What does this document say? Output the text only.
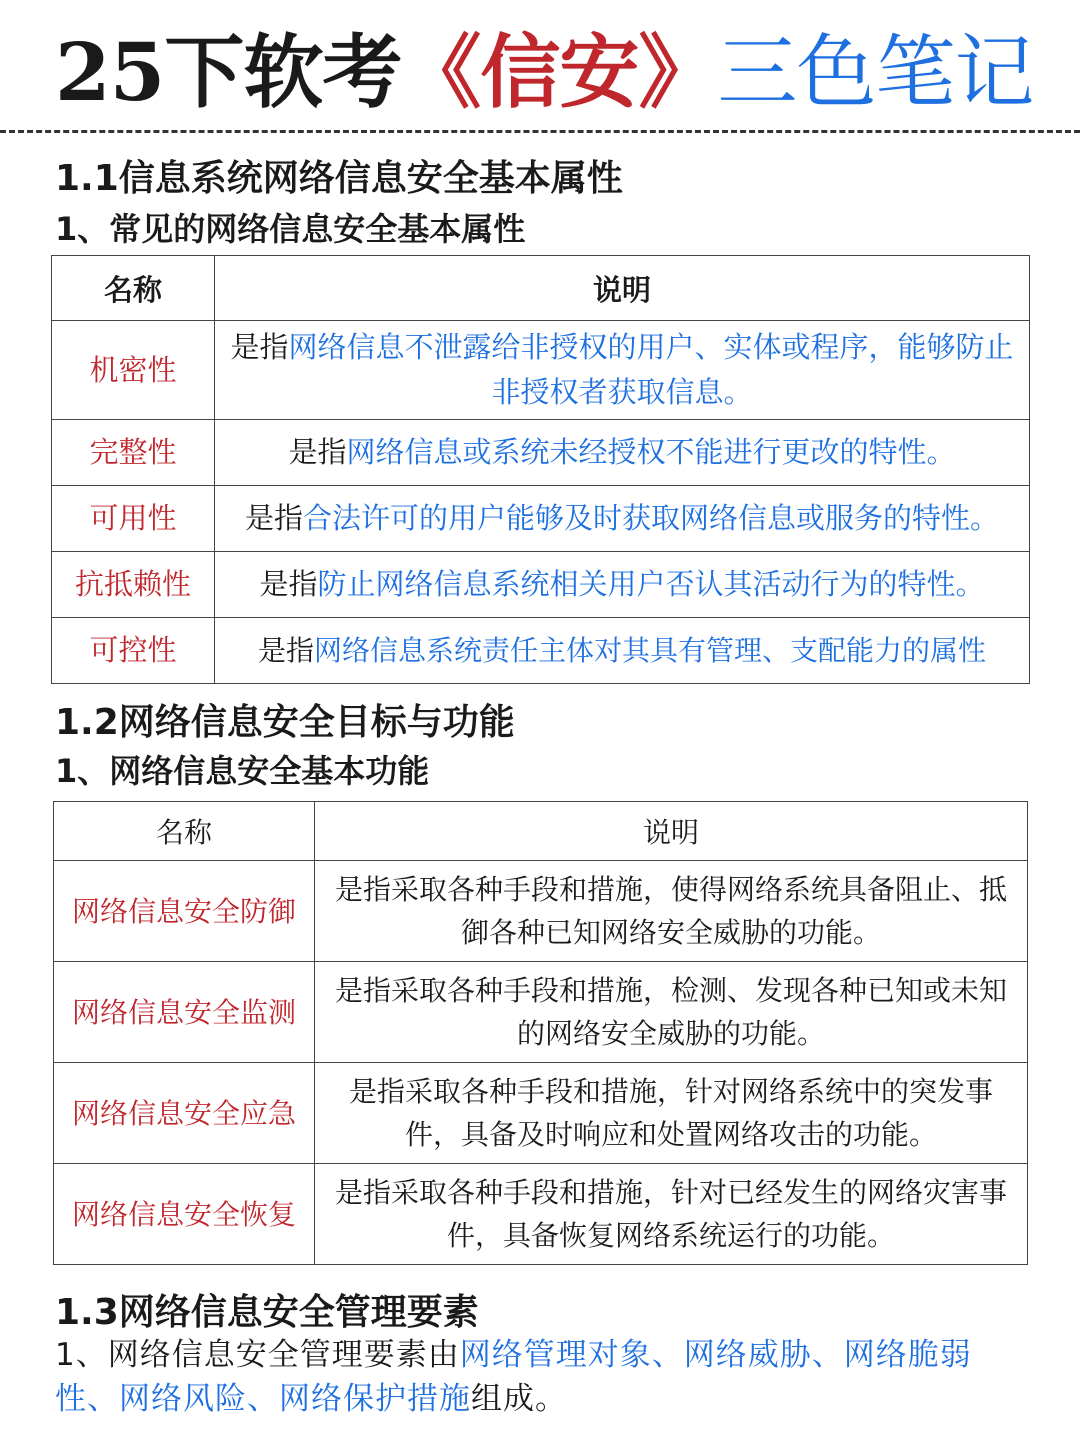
25下软考《信安》三色笔记
1.1信息系统网络信息安全基本属性
1、常见的网络信息安全基本属性
名称	说明
机密性	是指网络信息不泄露给非授权的用户、实体或程序，能够防止非授权者获取信息。
完整性	是指网络信息或系统未经授权不能进行更改的特性。
可用性	是指合法许可的用户能够及时获取网络信息或服务的特性。
抗抵赖性	是指防止网络信息系统相关用户否认其活动行为的特性。
可控性	是指网络信息系统责任主体对其具有管理、支配能力的属性
1.2网络信息安全目标与功能
1、网络信息安全基本功能
名称	说明
网络信息安全防御	是指采取各种手段和措施，使得网络系统具备阻止、抵御各种已知网络安全威胁的功能。
网络信息安全监测	是指采取各种手段和措施，检测、发现各种已知或未知的网络安全威胁的功能。
网络信息安全应急	是指采取各种手段和措施，针对网络系统中的突发事件，具备及时响应和处置网络攻击的功能。
网络信息安全恢复	是指采取各种手段和措施，针对已经发生的网络灾害事件，具备恢复网络系统运行的功能。
1.3网络信息安全管理要素
1、网络信息安全管理要素由网络管理对象、网络威胁、网络脆弱性、网络风险、网络保护措施组成。
